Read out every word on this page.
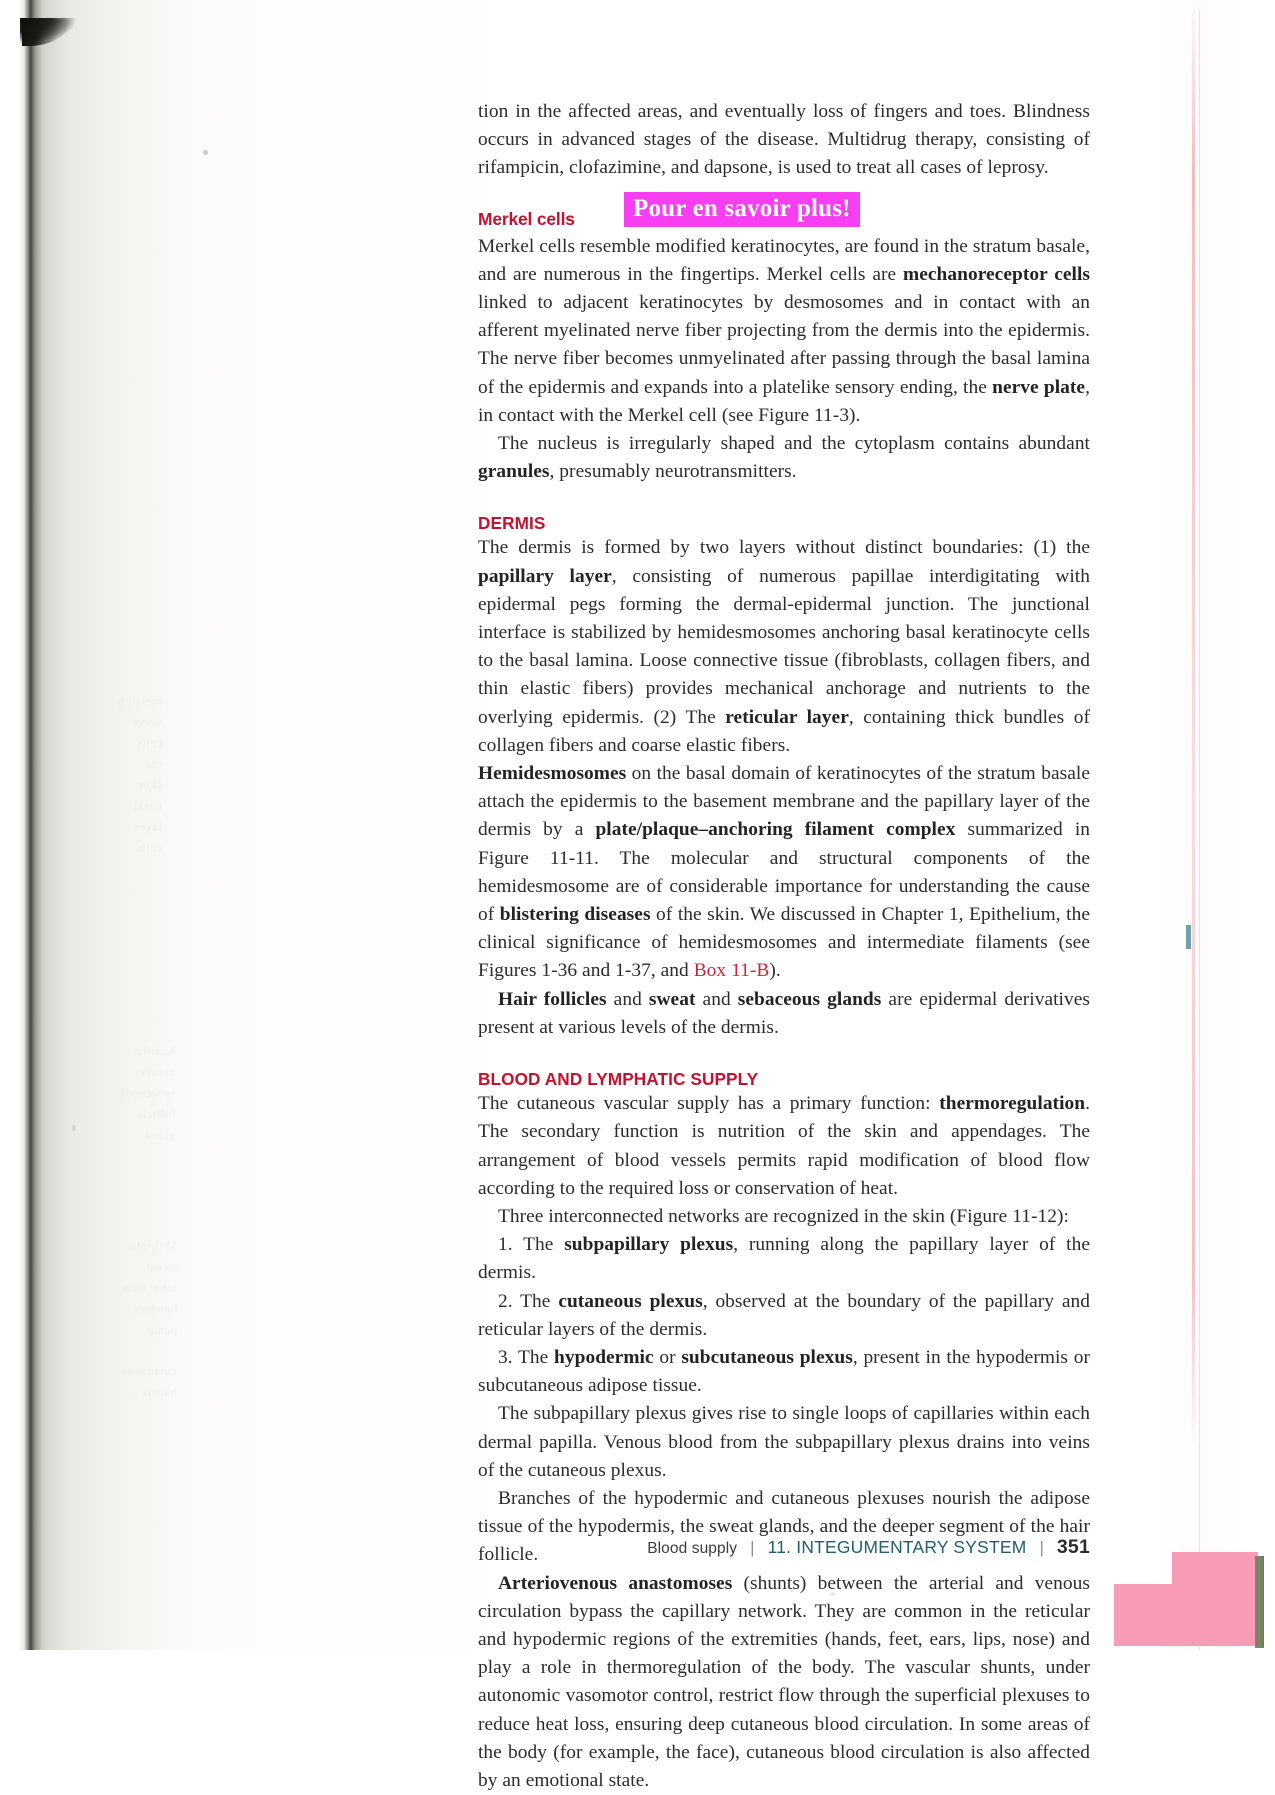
tion in the affected areas, and eventually loss of fingers and toes. Blindness occurs in advanced stages of the disease. Multidrug therapy, consisting of rifampicin, clofazimine, and dapsone, is used to treat all cases of leprosy.

Merkel cells	Pour en savoir plus!

Merkel cells resemble modified keratinocytes, are found in the stratum basale, and are numerous in the fingertips. Merkel cells are mechanoreceptor cells linked to adjacent keratinocytes by desmosomes and in contact with an afferent myelinated nerve fiber projecting from the dermis into the epidermis. The nerve fiber becomes unmyelinated after passing through the basal lamina of the epidermis and expands into a platelike sensory ending, the nerve plate, in contact with the Merkel cell (see Figure 11-3).

The nucleus is irregularly shaped and the cytoplasm contains abundant granules, presumably neurotransmitters.

DERMIS

The dermis is formed by two layers without distinct boundaries: (1) the papillary layer, consisting of numerous papillae interdigitating with epidermal pegs forming the dermal-epidermal junction. The junctional interface is stabilized by hemidesmosomes anchoring basal keratinocyte cells to the basal lamina. Loose connective tissue (fibroblasts, collagen fibers, and thin elastic fibers) provides mechanical anchorage and nutrients to the overlying epidermis. (2) The reticular layer, containing thick bundles of collagen fibers and coarse elastic fibers.

Hemidesmosomes on the basal domain of keratinocytes of the stratum basale attach the epidermis to the basement membrane and the papillary layer of the dermis by a plate/plaque–anchoring filament complex summarized in Figure 11-11. The molecular and structural components of the hemidesmosome are of considerable importance for understanding the cause of blistering diseases of the skin. We discussed in Chapter 1, Epithelium, the clinical significance of hemidesmosomes and intermediate filaments (see Figures 1-36 and 1-37, and Box 11-B).

Hair follicles and sweat and sebaceous glands are epidermal derivatives present at various levels of the dermis.

BLOOD AND LYMPHATIC SUPPLY

The cutaneous vascular supply has a primary function: thermoregulation. The secondary function is nutrition of the skin and appendages. The arrangement of blood vessels permits rapid modification of blood flow according to the required loss or conservation of heat.

Three interconnected networks are recognized in the skin (Figure 11-12):

1. The subpapillary plexus, running along the papillary layer of the dermis.

2. The cutaneous plexus, observed at the boundary of the papillary and reticular layers of the dermis.

3. The hypodermic or subcutaneous plexus, present in the hypodermis or subcutaneous adipose tissue.

The subpapillary plexus gives rise to single loops of capillaries within each dermal papilla. Venous blood from the subpapillary plexus drains into veins of the cutaneous plexus.

Branches of the hypodermic and cutaneous plexuses nourish the adipose tissue of the hypodermis, the sweat glands, and the deeper segment of the hair follicle.

Arteriovenous anastomoses (shunts) between the arterial and venous circulation bypass the capillary network. They are common in the reticular and hypodermic regions of the extremities (hands, feet, ears, lips, nose) and play a role in thermoregulation of the body. The vascular shunts, under autonomic vasomotor control, restrict flow through the superficial plexuses to reduce heat loss, ensuring deep cutaneous blood circulation. In some areas of the body (for example, the face), cutaneous blood circulation is also affected by an emotional state.

Blood supply | 11. INTEGUMENTARY SYSTEM | 351
